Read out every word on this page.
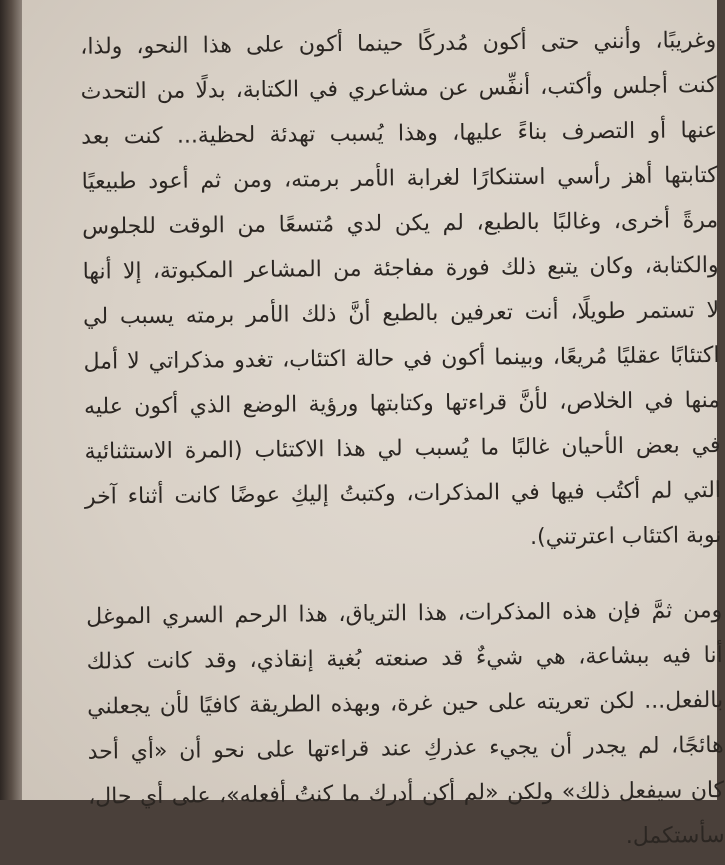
وغريبًا، وأنني حتى أكون مُدركًا حينما أكون على هذا النحو، ولذا،
كنت أجلس وأكتب، أنفِّس عن مشاعري في الكتابة، بدلًا من التحدث
عنها أو التصرف بناءً عليها، وهذا يُسبب تهدئة لحظية... كنت بعد
كتابتها أهز رأسي استنكارًا لغرابة الأمر برمته، ومن ثم أعود طبيعيًا
مرةً أخرى، وغالبًا بالطبع، لم يكن لدي مُتسعًا من الوقت للجلوس
والكتابة، وكان يتبع ذلك فورة مفاجئة من المشاعر المكبوتة، إلا أنها
لا تستمر طويلًا، أنت تعرفين بالطبع أنَّ ذلك الأمر برمته يسبب لي
اكتئابًا عقليًا مُريعًا، وبينما أكون في حالة اكتئاب، تغدو مذكراتي لا أمل
منها في الخلاص، لأنَّ قراءتها وكتابتها ورؤية الوضع الذي أكون عليه
في بعض الأحيان غالبًا ما يُسبب لي هذا الاكتئاب (المرة الاستثنائية
التي لم أكتُب فيها في المذكرات، وكتبتُ إليكِ عوضًا كانت أثناء آخر
نوبة اكتئاب اعترتني).
ومن ثمَّ فإن هذه المذكرات، هذا الترياق، هذا الرحم السري الموغل
أنا فيه ببشاعة، هي شيءٌ قد صنعته بُغية إنقاذي، وقد كانت كذلك
بالفعل... لكن تعريته على حين غرة، وبهذه الطريقة كافيًا لأن يجعلني
هائجًا، لم يجدر أن يجيء عذركِ عند قراءتها على نحو أن «أي أحد
كان سيفعل ذلك» ولكن «لم أكن أدرك ما كنتُ أفعله»، على أي حال،
سأستكمل.
